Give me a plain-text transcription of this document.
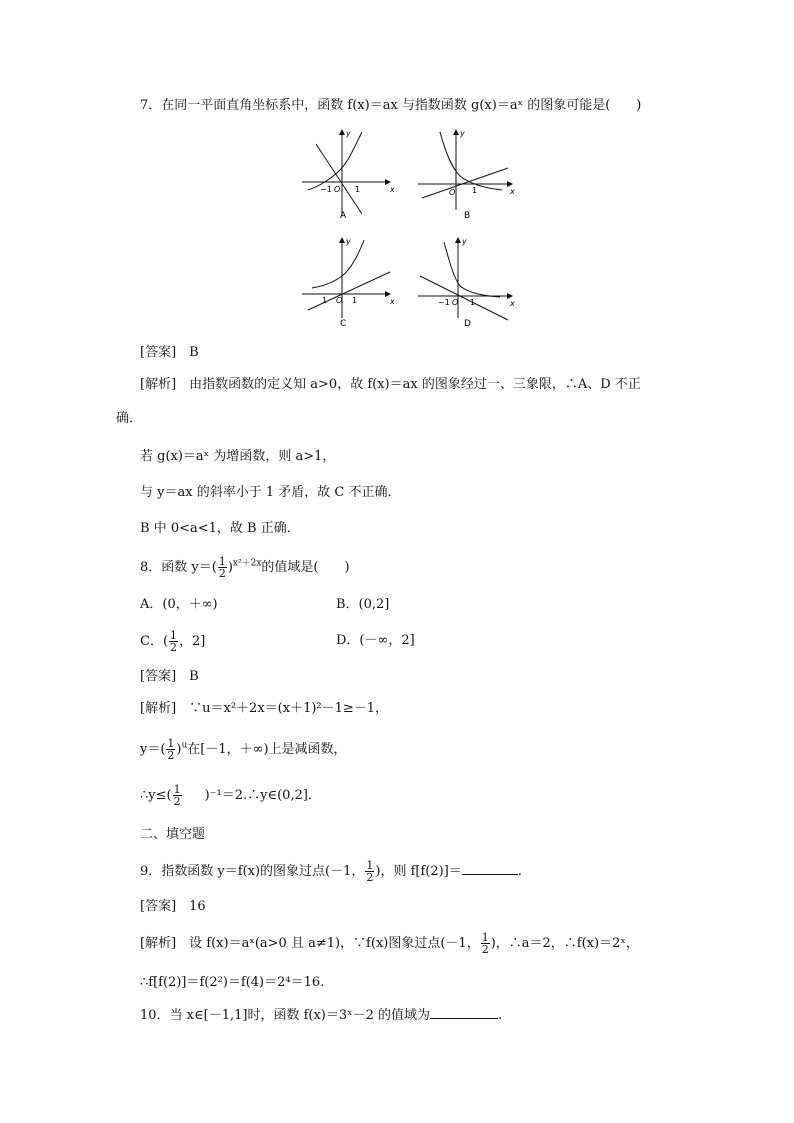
7．在同一平面直角坐标系中，函数 f(x)＝ax 与指数函数 g(x)＝aˣ 的图象可能是(　　)
y
x
−1 O 1
A
y
x
O 1
B
y
x
1 O 1
C
y
x
−1 O 1
D
[答案]　B
[解析]　由指数函数的定义知 a>0，故 f(x)＝ax 的图象经过一、三象限，∴A、D 不正
确．
若 g(x)＝aˣ 为增函数，则 a>1，
与 y＝ax 的斜率小于 1 矛盾，故 C 不正确．
B 中 0<a<1，故 B 正确．
8．函数 $y=( \frac{1}{2} )^{x^2+2x}$的值域是(　　)
A．(0，＋∞)	B．(0,2]
C．( $\frac{1}{2}$ ，2]	D．(－∞，2]
[答案]　B
[解析]　∵u＝x²＋2x＝(x＋1)²－1≥－1，
$y=( \frac{1}{2} )^u$在[－1，＋∞)上是减函数，
∴y≤( $\frac{1}{2}$ )⁻¹＝2.∴y∈(0,2]．
二、填空题
9．指数函数 y＝f(x)的图象过点(－1， $\frac{1}{2}$ )，则 f[f(2)]＝	.
[答案]　16
[解析]　设 f(x)＝aˣ(a>0 且 a≠1)，∵f(x)图象过点(－1， $\frac{1}{2}$ )，∴a＝2，∴f(x)＝2ˣ，
∴f[f(2)]＝f(2²)＝f(4)＝2⁴＝16.
10．当 x∈[－1,1]时，函数 f(x)＝3ˣ－2 的值域为	.
